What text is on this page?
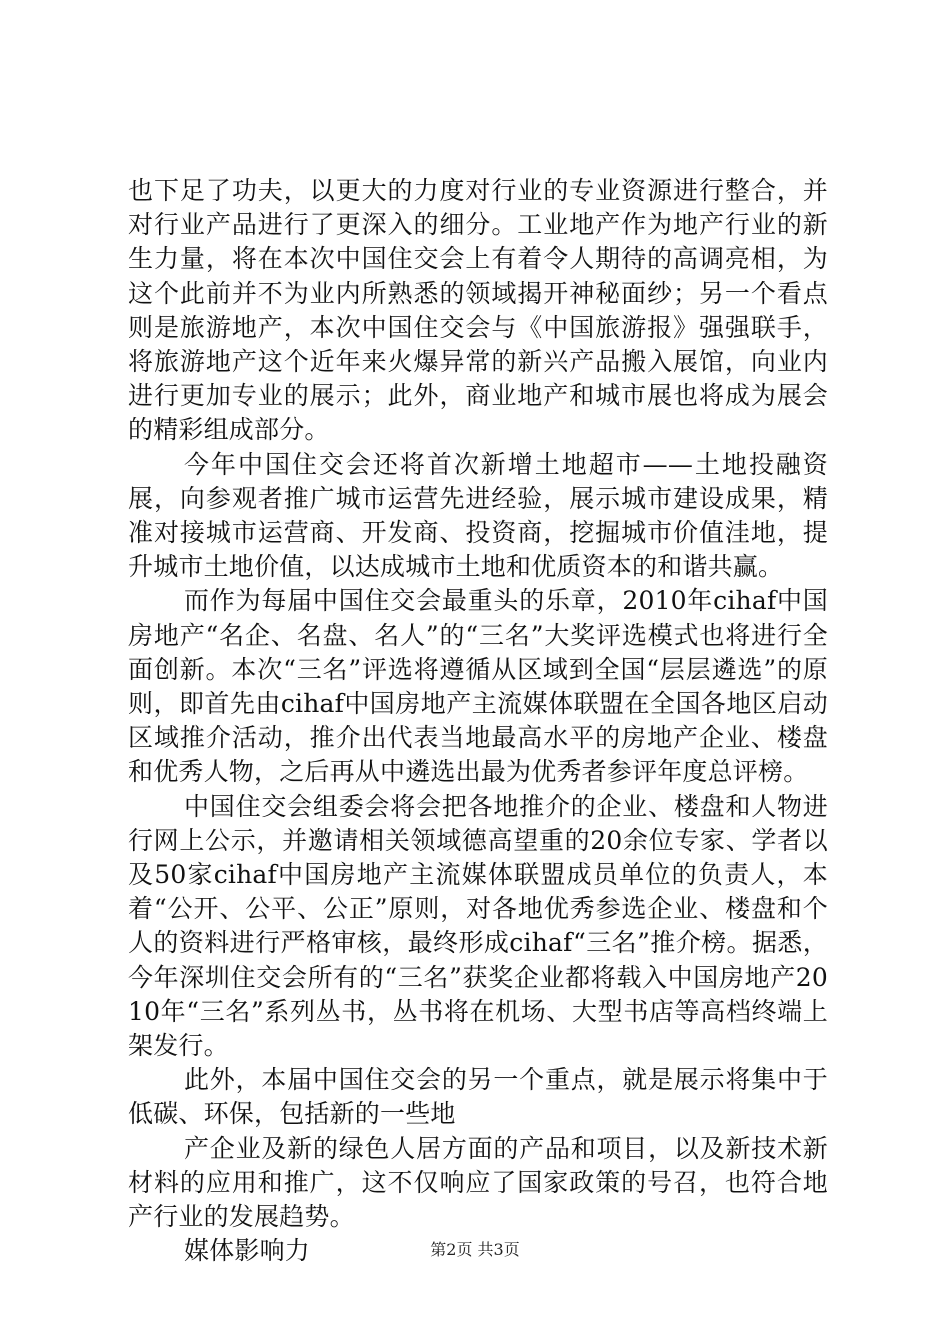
也下足了功夫，以更大的力度对行业的专业资源进行整合，并对行业产品进行了更深入的细分。工业地产作为地产行业的新生力量，将在本次中国住交会上有着令人期待的高调亮相，为这个此前并不为业内所熟悉的领域揭开神秘面纱；另一个看点则是旅游地产，本次中国住交会与《中国旅游报》强强联手，将旅游地产这个近年来火爆异常的新兴产品搬入展馆，向业内进行更加专业的展示；此外，商业地产和城市展也将成为展会的精彩组成部分。

今年中国住交会还将首次新增土地超市——土地投融资展，向参观者推广城市运营先进经验，展示城市建设成果，精准对接城市运营商、开发商、投资商，挖掘城市价值洼地，提升城市土地价值，以达成城市土地和优质资本的和谐共赢。

而作为每届中国住交会最重头的乐章，2010年cihaf中国房地产“名企、名盘、名人”的“三名”大奖评选模式也将进行全面创新。本次“三名”评选将遵循从区域到全国“层层遴选”的原则，即首先由cihaf中国房地产主流媒体联盟在全国各地区启动区域推介活动，推介出代表当地最高水平的房地产企业、楼盘和优秀人物，之后再从中遴选出最为优秀者参评年度总评榜。

中国住交会组委会将会把各地推介的企业、楼盘和人物进行网上公示，并邀请相关领域德高望重的20余位专家、学者以及50家cihaf中国房地产主流媒体联盟成员单位的负责人，本着“公开、公平、公正”原则，对各地优秀参选企业、楼盘和个人的资料进行严格审核，最终形成cihaf“三名”推介榜。据悉，今年深圳住交会所有的“三名”获奖企业都将载入中国房地产2010年“三名”系列丛书，丛书将在机场、大型书店等高档终端上架发行。

此外，本届中国住交会的另一个重点，就是展示将集中于低碳、环保，包括新的一些地

产企业及新的绿色人居方面的产品和项目，以及新技术新材料的应用和推广，这不仅响应了国家政策的号召，也符合地产行业的发展趋势。

媒体影响力	第2页 共3页
